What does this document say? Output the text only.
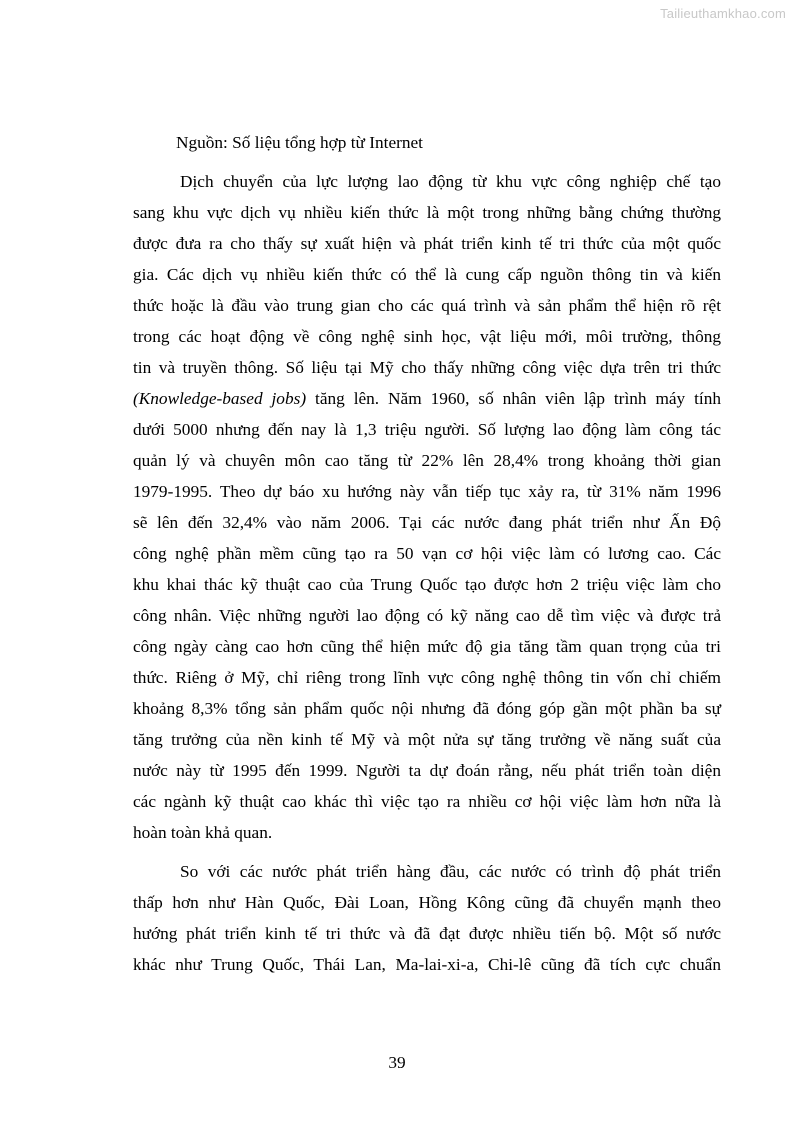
Tailieuthamkhao.com

Nguồn: Số liệu tổng hợp từ Internet

Dịch chuyển của lực lượng lao động từ khu vực công nghiệp chế tạo
sang khu vực dịch vụ nhiều kiến thức là một trong những bằng chứng thường
được đưa ra cho thấy sự xuất hiện và phát triển kinh tế tri thức của một quốc
gia. Các dịch vụ nhiều kiến thức có thể là cung cấp nguồn thông tin và kiến
thức hoặc là đầu vào trung gian cho các quá trình và sản phẩm thể hiện rõ rệt
trong các hoạt động về công nghệ sinh học, vật liệu mới, môi trường, thông
tin và truyền thông. Số liệu tại Mỹ cho thấy những công việc dựa trên tri thức
(Knowledge-based jobs) tăng lên. Năm 1960, số nhân viên lập trình máy tính
dưới 5000 nhưng đến nay là 1,3 triệu người. Số lượng lao động làm công tác
quản lý và chuyên môn cao tăng từ 22% lên 28,4% trong khoảng thời gian
1979-1995. Theo dự báo xu hướng này vẫn tiếp tục xảy ra, từ 31% năm 1996
sẽ lên đến 32,4% vào năm 2006. Tại các nước đang phát triển như Ấn Độ
công nghệ phần mềm cũng tạo ra 50 vạn cơ hội việc làm có lương cao. Các
khu khai thác kỹ thuật cao của Trung Quốc tạo được hơn 2 triệu việc làm cho
công nhân. Việc những người lao động có kỹ năng cao dễ tìm việc và được trả
công ngày càng cao hơn cũng thể hiện mức độ gia tăng tầm quan trọng của tri
thức. Riêng ở Mỹ, chỉ riêng trong lĩnh vực công nghệ thông tin vốn chỉ chiếm
khoảng 8,3% tổng sản phẩm quốc nội nhưng đã đóng góp gần một phần ba sự
tăng trưởng của nền kinh tế Mỹ và một nửa sự tăng trưởng về năng suất của
nước này từ 1995 đến 1999. Người ta dự đoán rằng, nếu phát triển toàn diện
các ngành kỹ thuật cao khác thì việc tạo ra nhiều cơ hội việc làm hơn nữa là
hoàn toàn khả quan.
So với các nước phát triển hàng đầu, các nước có trình độ phát triển
thấp hơn như Hàn Quốc, Đài Loan, Hồng Kông cũng đã chuyển mạnh theo
hướng phát triển kinh tế tri thức và đã đạt được nhiều tiến bộ. Một số nước
khác như Trung Quốc, Thái Lan, Ma-lai-xi-a, Chi-lê cũng đã tích cực chuẩn
39
